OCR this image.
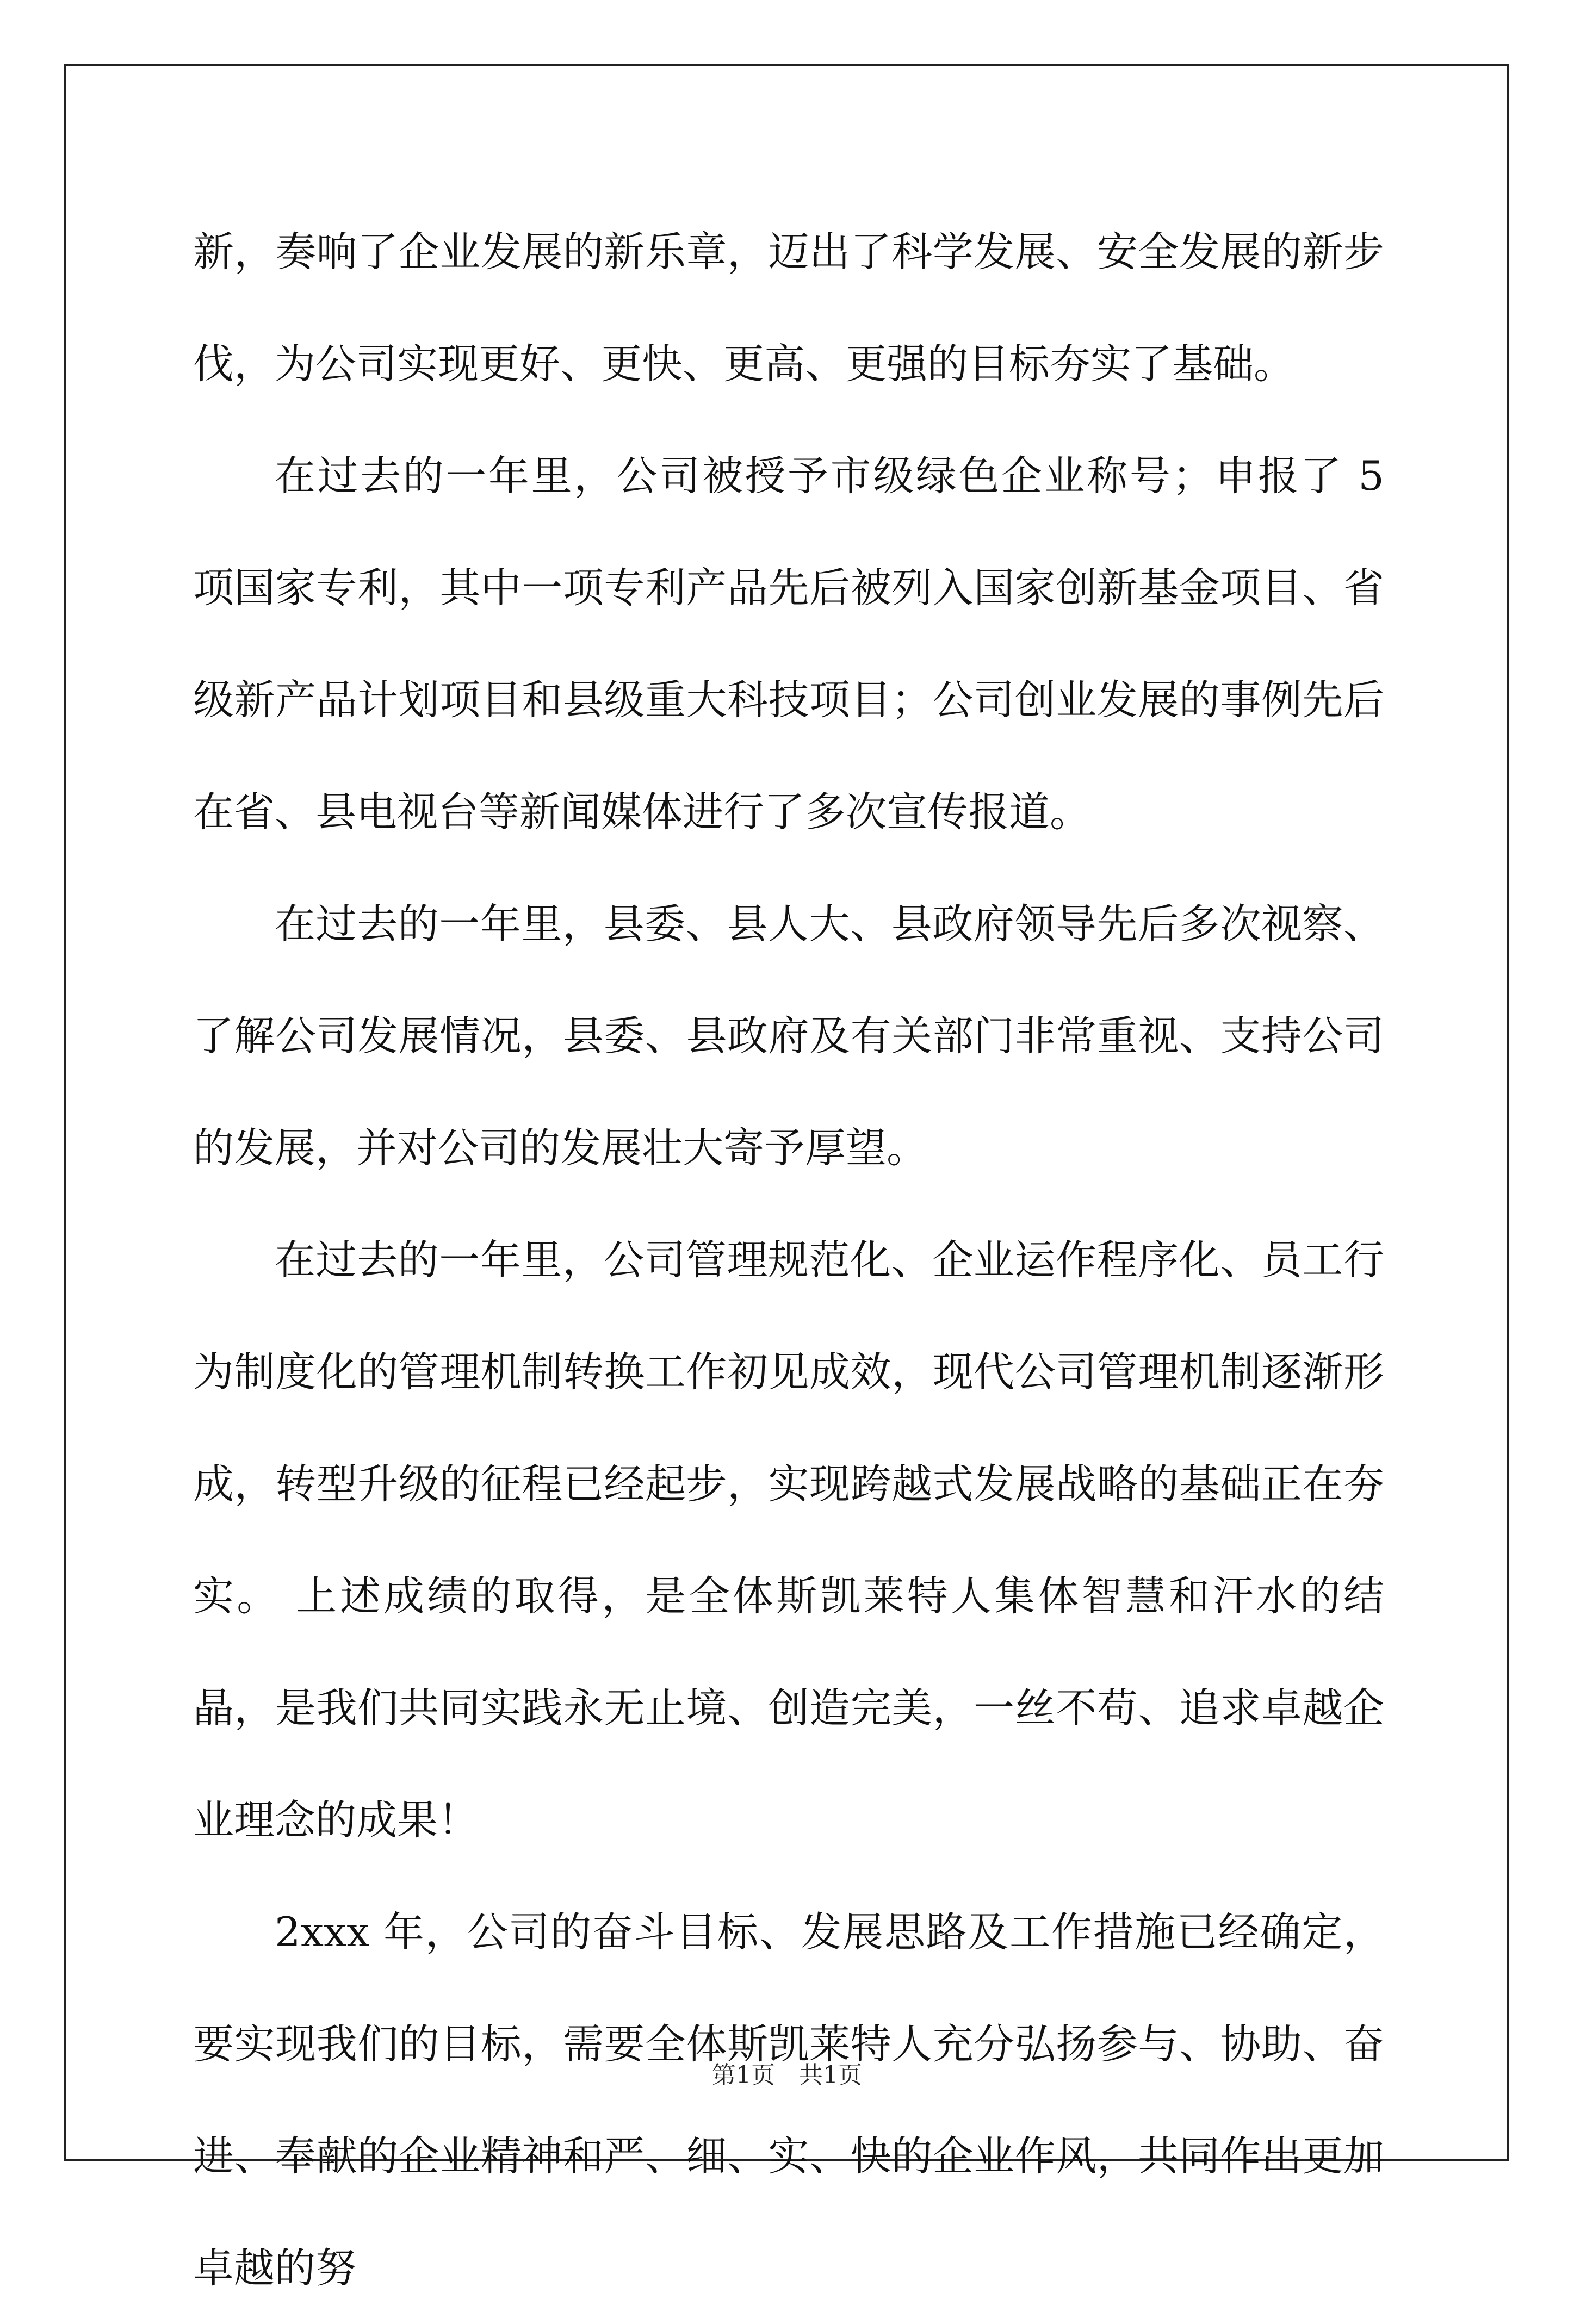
新，奏响了企业发展的新乐章，迈出了科学发展、安全发展的新步伐，为公司实现更好、更快、更高、更强的目标夯实了基础。

在过去的一年里，公司被授予市级绿色企业称号；申报了 5 项国家专利，其中一项专利产品先后被列入国家创新基金项目、省级新产品计划项目和县级重大科技项目；公司创业发展的事例先后在省、县电视台等新闻媒体进行了多次宣传报道。

在过去的一年里，县委、县人大、县政府领导先后多次视察、了解公司发展情况，县委、县政府及有关部门非常重视、支持公司的发展，并对公司的发展壮大寄予厚望。

在过去的一年里，公司管理规范化、企业运作程序化、员工行为制度化的管理机制转换工作初见成效，现代公司管理机制逐渐形成，转型升级的征程已经起步，实现跨越式发展战略的基础正在夯实。 上述成绩的取得，是全体斯凯莱特人集体智慧和汗水的结晶，是我们共同实践永无止境、创造完美，一丝不苟、追求卓越企业理念的成果！

2xxx 年，公司的奋斗目标、发展思路及工作措施已经确定，要实现我们的目标，需要全体斯凯莱特人充分弘扬参与、协助、奋进、奉献的企业精神和严、细、实、快的企业作风，共同作出更加卓越的努

第1页　共1页
